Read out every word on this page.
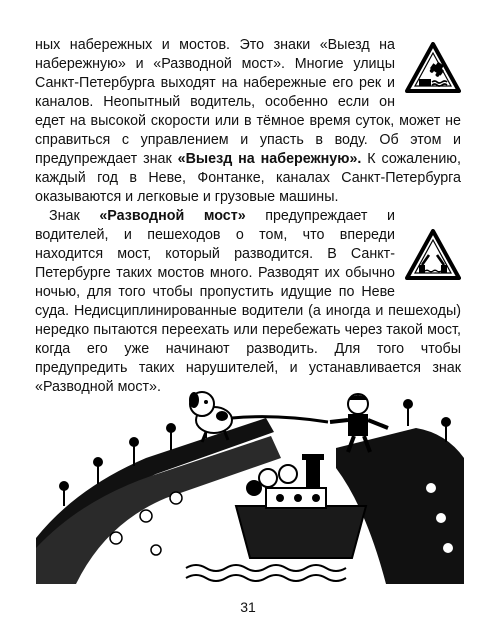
ных набережных и мостов. Это знаки «Выезд на набережную» и «Разводной мост». Многие улицы Санкт-Петербурга выходят на набережные его рек и каналов. Неопытный водитель, особенно если он едет на высокой скорости или в тёмное время суток, может не справиться с управлением и упасть в воду. Об этом и предупреждает знак «Выезд на набережную». К сожалению, каждый год в Неве, Фонтанке, каналах Санкт-Петербурга оказываются и легковые и грузовые машины.

Знак «Разводной мост» предупреждает и водителей, и пешеходов о том, что впереди находится мост, который разводится. В Санкт-Петербурге таких мостов много. Разводят их обычно ночью, для того чтобы пропустить идущие по Неве суда. Недисциплинированные водители (а иногда и пешеходы) нередко пытаются переехать или перебежать через такой мост, когда его уже начинают разводить. Для того чтобы предупредить таких нарушителей, и устанавливается знак «Разводной мост».

31
